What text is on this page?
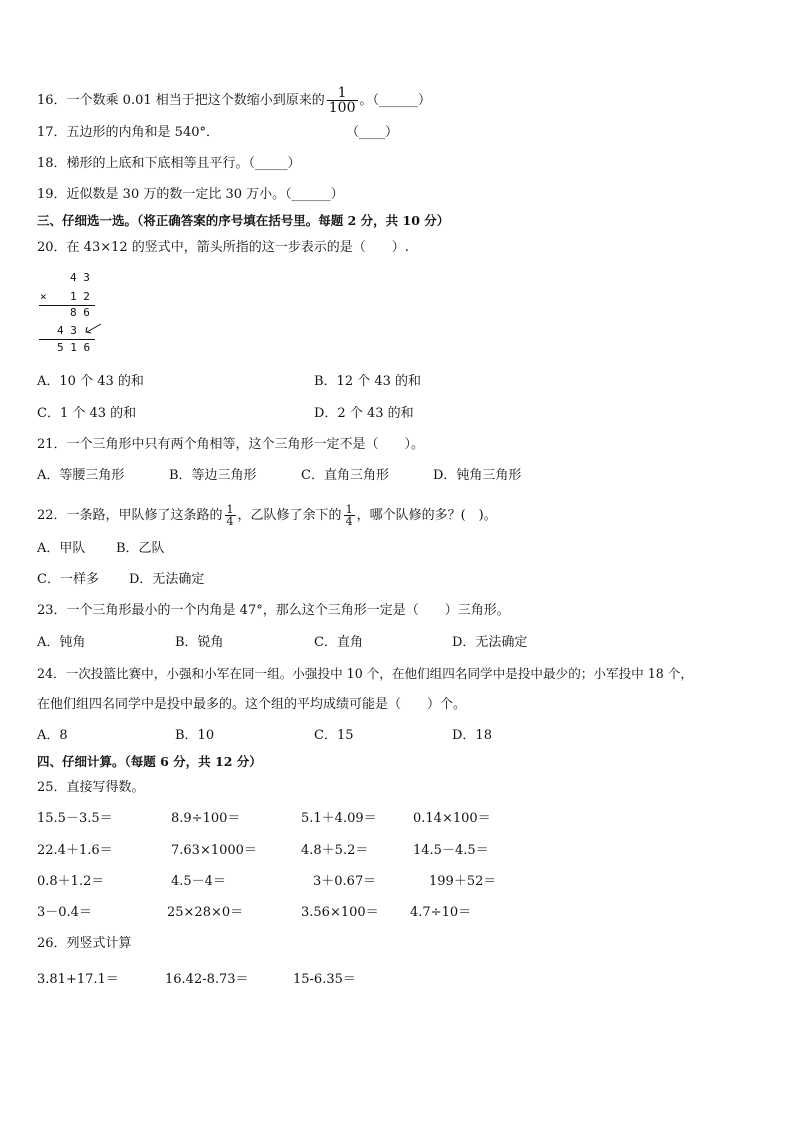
16．一个数乘 0.01 相当于把这个数缩小到原来的 $\frac{1}{100}$ 。（______）
17．五边形的内角和是 540°．	（____）
18．梯形的上底和下底相等且平行。（_____）
19．近似数是 30 万的数一定比 30 万小。（______）
三、仔细选一选。（将正确答案的序号填在括号里。每题 2 分，共 10 分）
20．在 43×12 的竖式中，箭头所指的这一步表示的是（　　）.
4 3
× 1 2
8 6
4 3
5 1 6
A．10 个 43 的和	B．12 个 43 的和
C．1 个 43 的和	D．2 个 43 的和
21．一个三角形中只有两个角相等，这个三角形一定不是（　　）。
A．等腰三角形	B．等边三角形	C．直角三角形	D．钝角三角形
22．一条路，甲队修了这条路的 $\frac{1}{4}$ ，乙队修了余下的 $\frac{1}{4}$ ，哪个队修的多？(　)。
A．甲队 B．乙队
C．一样多 D．无法确定
23．一个三角形最小的一个内角是 47°，那么这个三角形一定是（　　）三角形。
A．钝角	B．锐角	C．直角	D．无法确定
24．一次投篮比赛中，小强和小军在同一组。小强投中 10 个，在他们组四名同学中是投中最少的；小军投中 18 个，
在他们组四名同学中是投中最多的。这个组的平均成绩可能是（　　）个。
A．8	B．10	C．15	D．18
四、仔细计算。（每题 6 分，共 12 分）
25．直接写得数。
15.5－3.5＝	8.9÷100＝	5.1＋4.09＝	0.14×100＝
22.4＋1.6＝	7.63×1000＝	4.8＋5.2＝	14.5－4.5＝
0.8＋1.2＝	4.5－4＝	3＋0.67＝	199＋52＝
3－0.4＝	25×28×0＝	3.56×100＝ 4.7÷10＝
26．列竖式计算
3.81+17.1＝	16.42-8.73＝	15-6.35＝
